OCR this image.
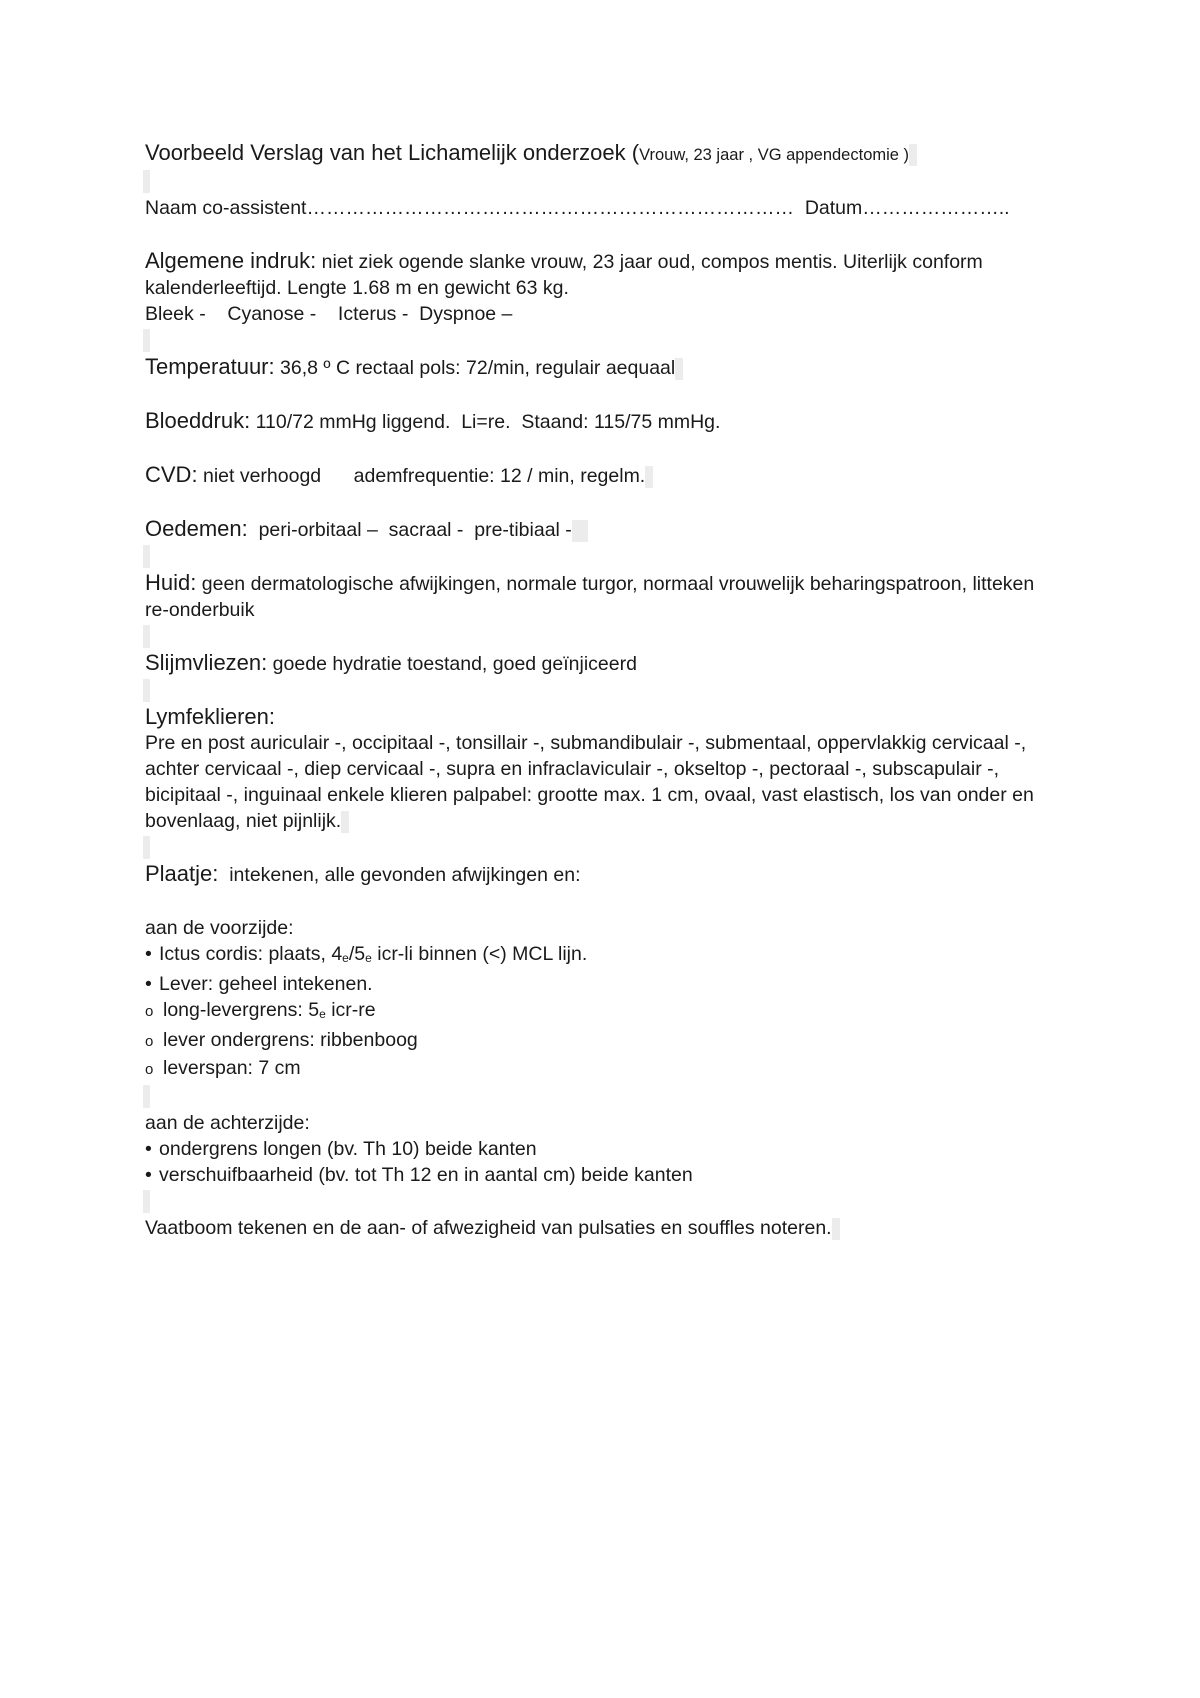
Voorbeeld Verslag van het Lichamelijk onderzoek (Vrouw, 23 jaar , VG appendectomie )
Naam co-assistent…………………………………………………………………  Datum…………………..
Algemene indruk: niet ziek ogende slanke vrouw, 23 jaar oud, compos mentis. Uiterlijk conform kalenderleeftijd. Lengte 1.68 m en gewicht 63 kg.
Bleek -    Cyanose -    Icterus -  Dyspnoe –
Temperatuur: 36,8 º C rectaal pols: 72/min, regulair aequaal
Bloeddruk: 110/72 mmHg liggend.  Li=re.  Staand: 115/75 mmHg.
CVD: niet verhoogd      ademfrequentie: 12 / min, regelm.
Oedemen:  peri-orbitaal –  sacraal -  pre-tibiaal -
Huid: geen dermatologische afwijkingen, normale turgor, normaal vrouwelijk beharingspatroon, litteken re-onderbuik
Slijmvliezen: goede hydratie toestand, goed geïnjiceerd
Lymfeklieren:
Pre en post auriculair -, occipitaal -, tonsillair -, submandibulair -, submentaal, oppervlakkig cervicaal -, achter cervicaal -, diep cervicaal -, supra en infraclaviculair -, okseltop -, pectoraal -, subscapulair -, bicipitaal -, inguinaal enkele klieren palpabel: grootte max. 1 cm, ovaal, vast elastisch, los van onder en bovenlaag, niet pijnlijk.
Plaatje:  intekenen, alle gevonden afwijkingen en:
aan de voorzijde:
• Ictus cordis: plaats, 4e/5e icr-li binnen (<) MCL lijn.
• Lever: geheel intekenen.
o long-levergrens: 5e icr-re
o lever ondergrens: ribbenboog
o leverspan: 7 cm
aan de achterzijde:
• ondergrens longen (bv. Th 10) beide kanten
• verschuifbaarheid (bv. tot Th 12 en in aantal cm) beide kanten
Vaatboom tekenen en de aan- of afwezigheid van pulsaties en souffles noteren.
